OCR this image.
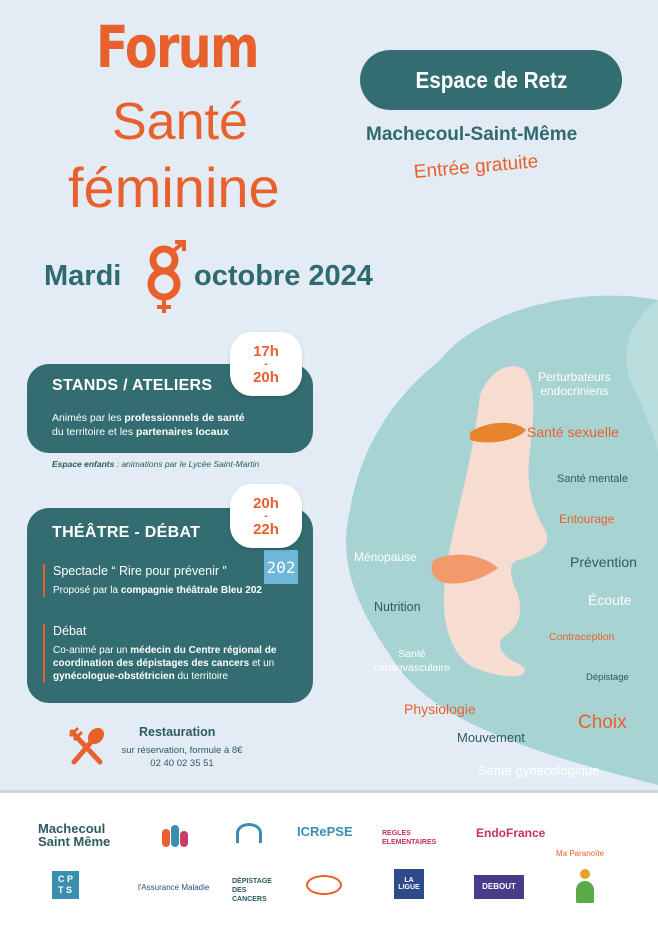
Forum
Santé
féminine
Mardi	octobre 2024
Espace de Retz
Machecoul-Saint-Même
Entrée gratuite
Perturbateurs
endocriniens
Santé sexuelle
Santé mentale
Entourage
Ménopause	Prévention
Écoute
Nutrition
Contraception
Santé
cardiovasculaire
Dépistage
Physiologie
Choix
Mouvement
Santé gynécologique
STANDS / ATELIERS
Animés par les professionnels de santé
du territoire et les partenaires locaux
17h
-
20h
Espace enfants : animations par le Lycée Saint-Martin
THÉÂTRE - DÉBAT
Spectacle “ Rire pour prévenir ”
Proposé par la compagnie théâtrale Bleu 202
202
Débat
Co-animé par un médecin du Centre régional de coordination des dépistages des cancers et un gynécologue-obstétricien du territoire
20h
-
22h
Restauration
sur réservation, formule à 8€
02 40 02 35 51
Machecoul
Saint Même
ICRePSE	REGLES ELEMENTAIRES
EndoFrance
Ma Paranoïte
C P
T S	l'Assurance Maladie
DÉPISTAGE DES CANCERS
LA LIGUE	DEBOUT
